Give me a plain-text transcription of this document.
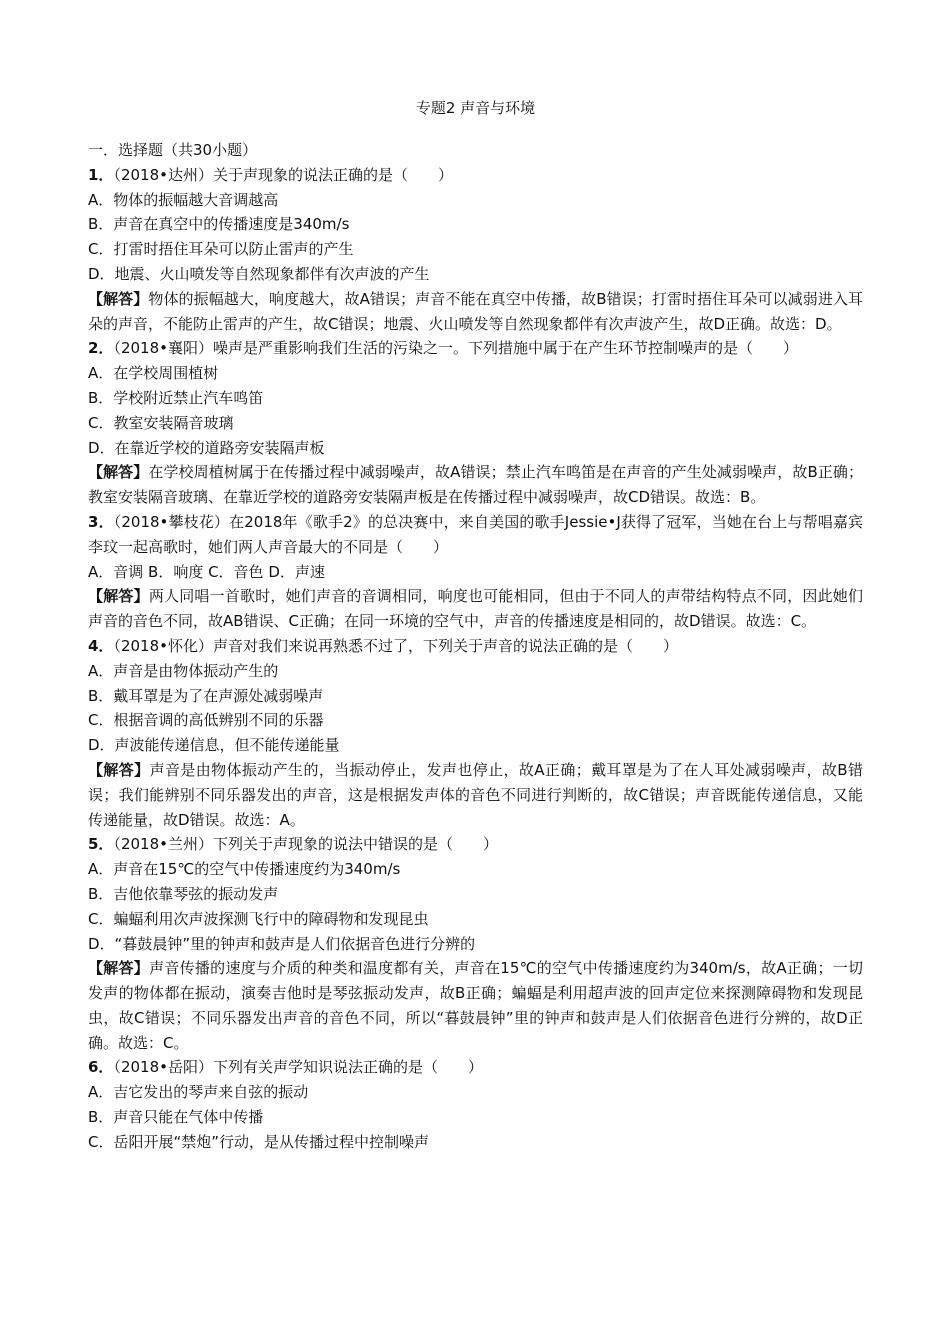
专题2 声音与环境
一．选择题（共30小题）
1．（2018•达州）关于声现象的说法正确的是（　　）
A．物体的振幅越大音调越高
B．声音在真空中的传播速度是340m/s
C．打雷时捂住耳朵可以防止雷声的产生
D．地震、火山喷发等自然现象都伴有次声波的产生
【解答】物体的振幅越大，响度越大，故A错误；声音不能在真空中传播，故B错误；打雷时捂住耳朵可以减弱进入耳朵的声音，不能防止雷声的产生，故C错误；地震、火山喷发等自然现象都伴有次声波产生，故D正确。故选：D。
2．（2018•襄阳）噪声是严重影响我们生活的污染之一。下列措施中属于在产生环节控制噪声的是（　　）
A．在学校周围植树
B．学校附近禁止汽车鸣笛
C．教室安装隔音玻璃
D．在靠近学校的道路旁安装隔声板
【解答】在学校周植树属于在传播过程中减弱噪声，故A错误；禁止汽车鸣笛是在声音的产生处减弱噪声，故B正确；教室安装隔音玻璃、在靠近学校的道路旁安装隔声板是在传播过程中减弱噪声，故CD错误。故选：B。
3．（2018•攀枝花）在2018年《歌手2》的总决赛中，来自美国的歌手Jessie•J获得了冠军，当她在台上与帮唱嘉宾李玟一起高歌时，她们两人声音最大的不同是（　　）
A．音调 B．响度 C．音色 D．声速
【解答】两人同唱一首歌时，她们声音的音调相同，响度也可能相同，但由于不同人的声带结构特点不同，因此她们声音的音色不同，故AB错误、C正确；在同一环境的空气中，声音的传播速度是相同的，故D错误。故选：C。
4．（2018•怀化）声音对我们来说再熟悉不过了，下列关于声音的说法正确的是（　　）
A．声音是由物体振动产生的
B．戴耳罩是为了在声源处减弱噪声
C．根据音调的高低辨别不同的乐器
D．声波能传递信息，但不能传递能量
【解答】声音是由物体振动产生的，当振动停止，发声也停止，故A正确；戴耳罩是为了在人耳处减弱噪声，故B错误；我们能辨别不同乐器发出的声音，这是根据发声体的音色不同进行判断的，故C错误；声音既能传递信息，又能传递能量，故D错误。故选：A。
5．（2018•兰州）下列关于声现象的说法中错误的是（　　）
A．声音在15℃的空气中传播速度约为340m/s
B．吉他依靠琴弦的振动发声
C．蝙蝠利用次声波探测飞行中的障碍物和发现昆虫
D．“暮鼓晨钟”里的钟声和鼓声是人们依据音色进行分辨的
【解答】声音传播的速度与介质的种类和温度都有关，声音在15℃的空气中传播速度约为340m/s，故A正确；一切发声的物体都在振动，演奏吉他时是琴弦振动发声，故B正确；蝙蝠是利用超声波的回声定位来探测障碍物和发现昆虫，故C错误；不同乐器发出声音的音色不同，所以“暮鼓晨钟”里的钟声和鼓声是人们依据音色进行分辨的，故D正确。故选：C。
6．（2018•岳阳）下列有关声学知识说法正确的是（　　）
A．吉它发出的琴声来自弦的振动
B．声音只能在气体中传播
C．岳阳开展“禁炮”行动，是从传播过程中控制噪声
